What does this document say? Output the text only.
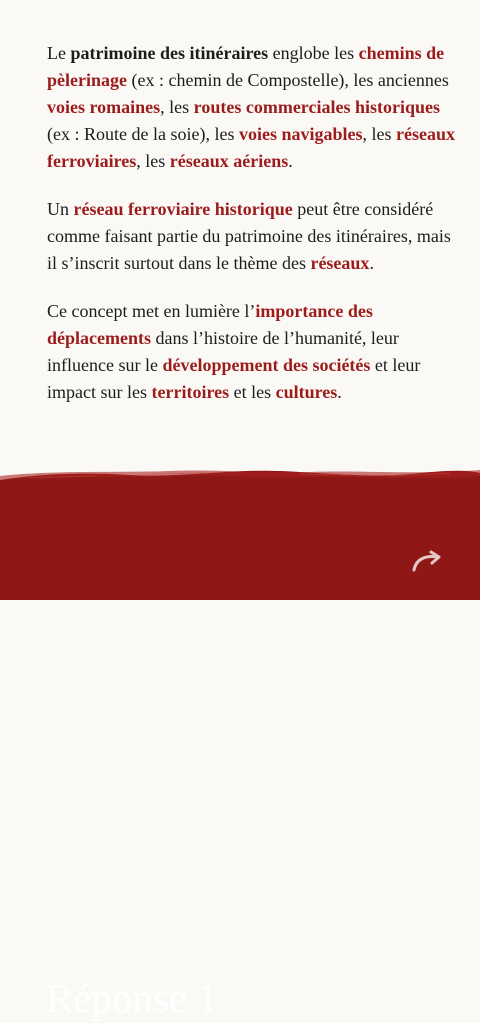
Le patrimoine des itinéraires englobe les chemins de pèlerinage (ex : chemin de Compostelle), les anciennes voies romaines, les routes commerciales historiques (ex : Route de la soie), les voies navigables, les réseaux ferroviaires, les réseaux aériens.

Un réseau ferroviaire historique peut être considéré comme faisant partie du patrimoine des itinéraires, mais il s’inscrit surtout dans le thème des réseaux.

Ce concept met en lumière l’importance des déplacements dans l’histoire de l’humanité, leur influence sur le développement des sociétés et leur impact sur les territoires et les cultures.

Réponse 1
